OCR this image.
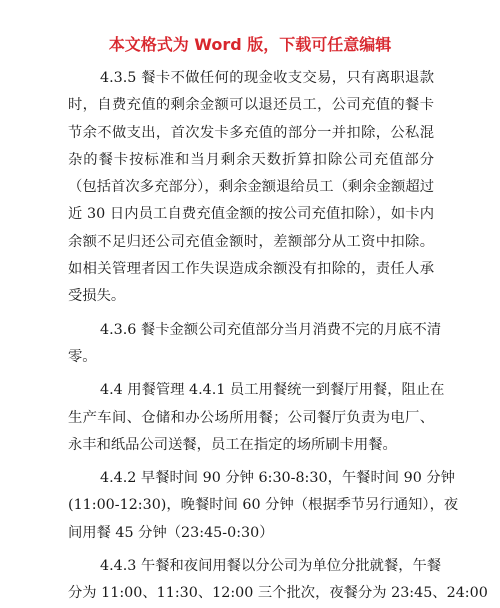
本文格式为 Word 版，下载可任意编辑
4.3.5 餐卡不做任何的现金收支交易，只有离职退款
时，自费充值的剩余金额可以退还员工，公司充值的餐卡
节余不做支出，首次发卡多充值的部分一并扣除，公私混
杂的餐卡按标准和当月剩余天数折算扣除公司充值部分
（包括首次多充部分），剩余金额退给员工（剩余金额超过
近 30 日内员工自费充值金额的按公司充值扣除），如卡内
余额不足归还公司充值金额时，差额部分从工资中扣除。
如相关管理者因工作失误造成余额没有扣除的，责任人承
受损失。
4.3.6 餐卡金额公司充值部分当月消费不完的月底不清
零。
4.4 用餐管理 4.4.1 员工用餐统一到餐厅用餐，阻止在
生产车间、仓储和办公场所用餐；公司餐厅负责为电厂、
永丰和纸品公司送餐，员工在指定的场所刷卡用餐。
4.4.2 早餐时间 90 分钟 6:30-8:30，午餐时间 90 分钟
(11:00-12:30)，晚餐时间 60 分钟（根据季节另行通知），夜
间用餐 45 分钟（23:45-0:30）
4.4.3 午餐和夜间用餐以分公司为单位分批就餐，午餐
分为 11:00、11:30、12:00 三个批次，夜餐分为 23:45、24:00
